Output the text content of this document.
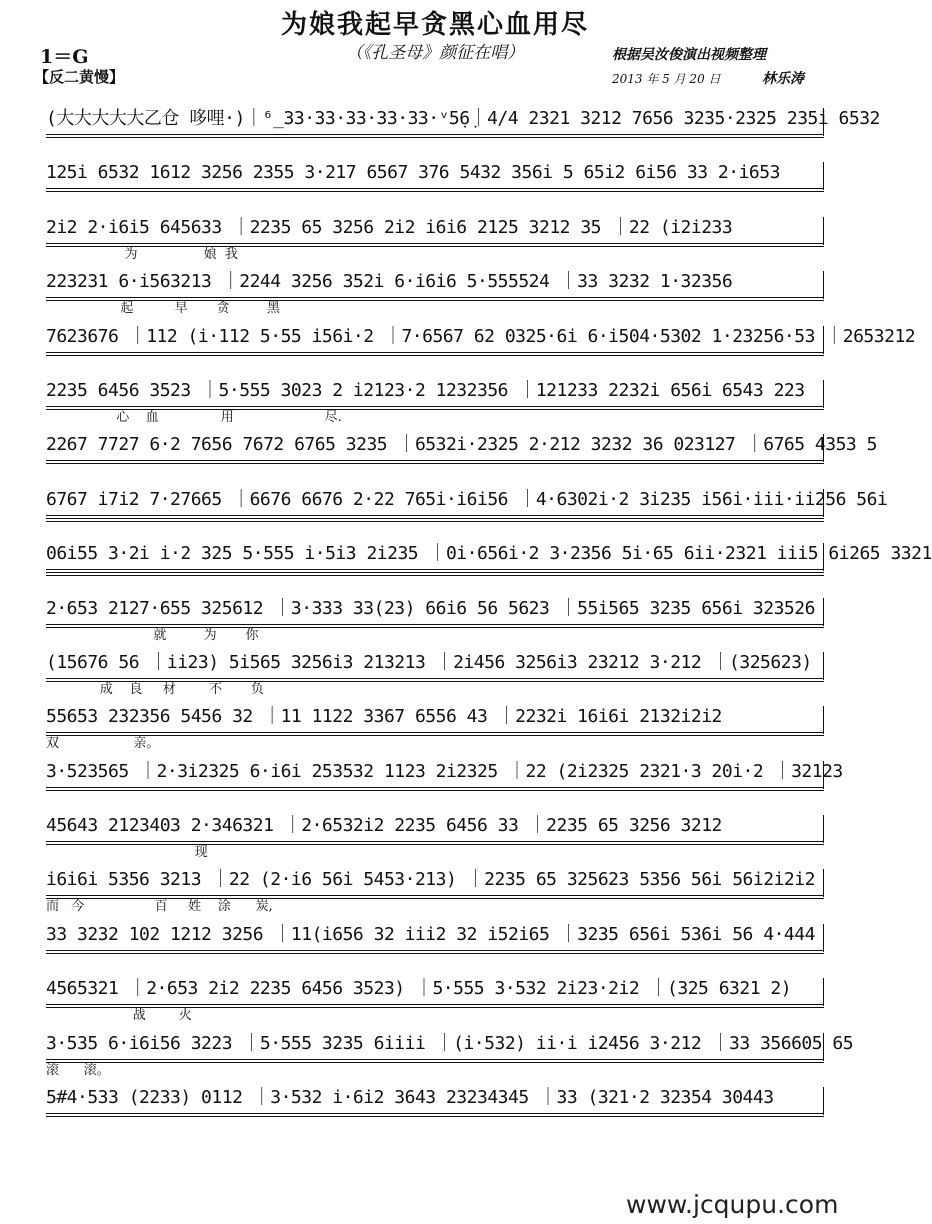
为娘我起早贪黑心血用尽
（《孔圣母》颜征在唱）
1＝G
【反二黄慢】
根据吴汝俊演出视频整理
2013 年 5 月 20 日	林乐涛
(大大大大大乙仓 哆哩·)｜⁶̲33·33·33·33·33·ᵛ5̣6̣｜4/4 2321 3212 7656 3235·2325 235i 6532
125i 6532 1612 3256 2355 3·217 6567 376 5432 356i 5 65i2 6i56 33 2·i653
2i2 2·i6i5 645633 ｜2235 65 3256 2i2 i6i6 2125 3212 35 ｜22 (i2i233
为                娘  我
223231 6·i563213 ｜2244 3256 352i 6·i6i6 5·555524 ｜33 3232 1·32356
起          早       贪         黑
7623676 ｜112 (i·112 5·55 i56i·2 ｜7·6567 62 0325·6i 6·i504·5302 1·23256·53 ｜2653212
2235 6456 3523 ｜5·555 3023 2 i2123·2 1232356 ｜121233 2232i 656i 6543 223
心    血               用                      尽.
2267 7727 6·2 7656 7672 6765 3235 ｜6532i·2325 2·212 3232 36 023127 ｜6765 4353 5
6767 i7i2 7·27665 ｜6676 6676 2·22 765i·i6i56 ｜4·6302i·2 3i235 i56i·iii·ii256 56i
06i55 3·2i i·2 325 5·555 i·5i3 2i235 ｜0i·656i·2 3·2356 5i·65 6ii·2321 iii5 6i265 3321
2·653 2127·655 325612 ｜3·333 33(23) 66i6 56 5623 ｜55i565 3235 656i 323526
就         为       你
(15676 56 ｜ii23) 5i565 3256i3 213213 ｜2i456 3256i3 23212 3·212 ｜(325623)
成    良     材        不       负
55653 232356 5456 32 ｜11 1122 3367 6556 43 ｜2232i 16i6i 2132i2i2
双                  亲。
3·523565 ｜2·3i2325 6·i6i 253532 1123 2i2325 ｜22 (2i2325 2321·3 20i·2 ｜32123
45643 2123403 2·346321 ｜2·6532i2 2235 6456 33 ｜2235 65 3256 3212
现
i6i6i 5356 3213 ｜22 (2·i6 56i 5453·213) ｜2235 65 325623 5356 56i 56i2i2i2
而   今                 百     姓    涂      炭,
33 3232 102 1212 3256 ｜11(i656 32 iii2 32 i52i65 ｜3235 656i 536i 56 4·444
4565321 ｜2·653 2i2 2235 6456 3523) ｜5·555 3·532 2i23·2i2 ｜(325 6321 2)
战        火
3·535 6·i6i56 3223 ｜5·555 3235 6iiii ｜(i·532) ii·i i2456 3·212 ｜33 356605 65
滚      滚。
5#4·533 (2233) 0112 ｜3·532 i·6i2 3643 23234345 ｜33 (321·2 32354 30443
www.jcqupu.com
